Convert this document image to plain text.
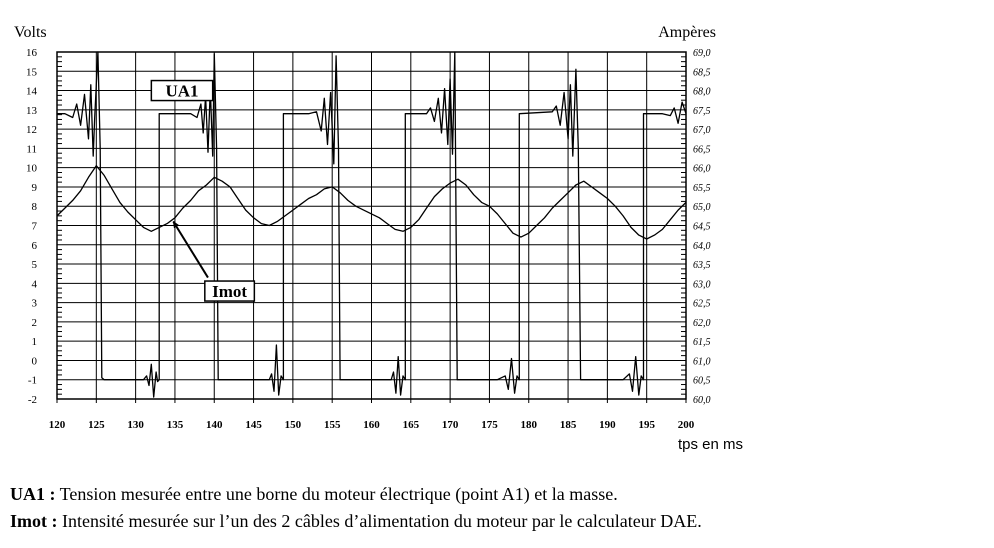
120 125 130 135 140 145 150 155 160 165 170 175 180 185 190 195 200
-2
-1
0
1
2
3
4
5
6
7
8
9
10
11
12
13
14
15
16
60,0
60,5
61,0
61,5
62,0
62,5
63,0
63,5
64,0
64,5
65,0
65,5
66,0
66,5
67,0
67,5
68,0
68,5
69,0
Volts	Ampères
tps en ms
UA1
Imot
UA1 : Tension mesurée entre une borne du moteur électrique (point A1) et la masse.
Imot : Intensité mesurée sur l’un des 2 câbles d’alimentation du moteur par le calculateur DAE.
